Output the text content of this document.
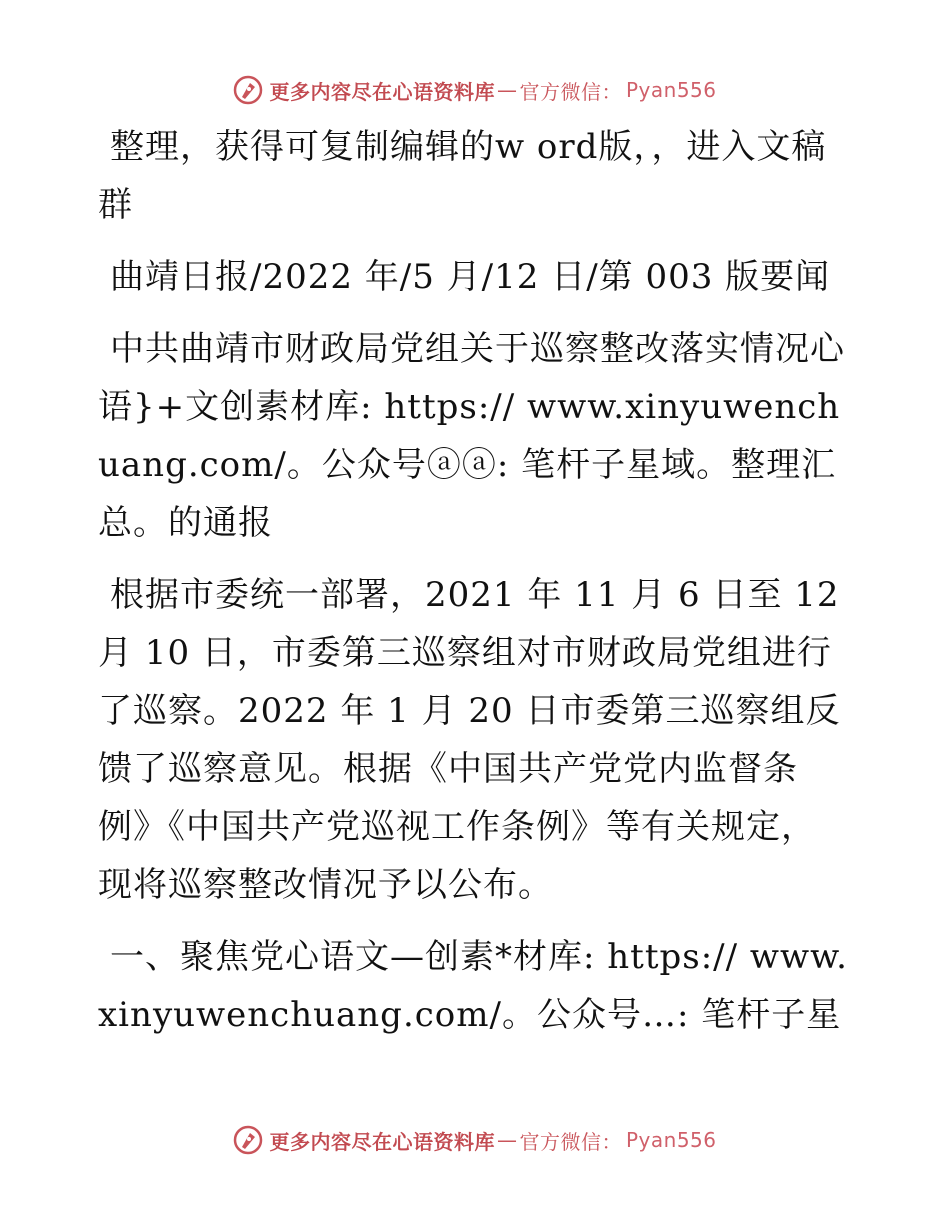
更多内容尽在心语资料库 — 官方微信： Pyan556

整理，获得可复制编辑的w ord版，，进入文稿群

曲靖日报/2022 年/5 月/12 日/第 003 版要闻

中共曲靖市财政局党组关于巡察整改落实情况心语}+文创素材库: https:// www.xinyuwenchuang.com/。公众号ⓐⓐ: 笔杆子星域。整理汇总。的通报

根据市委统一部署，2021 年 11 月 6 日至 12 月 10 日，市委第三巡察组对市财政局党组进行了巡察。2022 年 1 月 20 日市委第三巡察组反馈了巡察意见。根据《中国共产党党内监督条例》《中国共产党巡视工作条例》等有关规定，现将巡察整改情况予以公布。

一、聚焦党心语文—创素*材库: https:// www.xinyuwenchuang.com/。公众号…: 笔杆子星

更多内容尽在心语资料库 — 官方微信： Pyan556
